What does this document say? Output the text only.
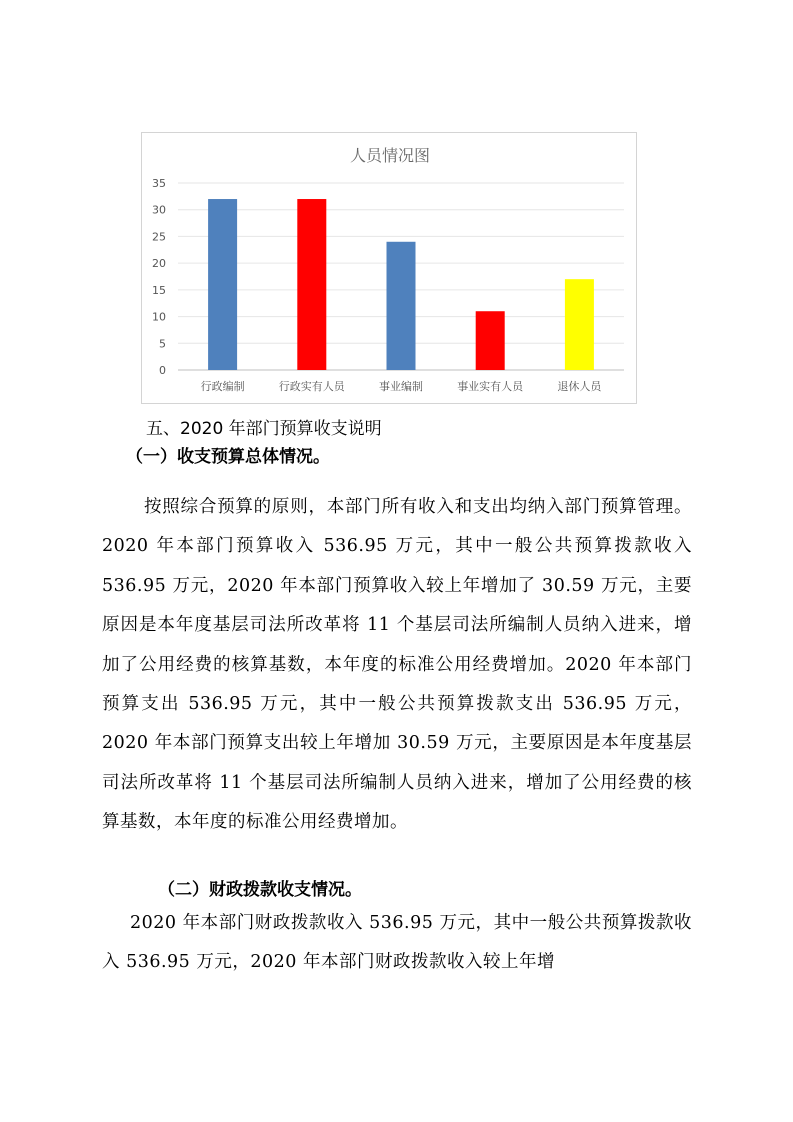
人员情况图
0
5
10
15
20
25
30
35
行政编制	行政实有人员	事业编制	事业实有人员	退休人员
五、2020 年部门预算收支说明
（一）收支预算总体情况。
按照综合预算的原则，本部门所有收入和支出均纳入部门预算管理。2020 年本部门预算收入 536.95 万元，其中一般公共预算拨款收入 536.95 万元，2020 年本部门预算收入较上年增加了 30.59 万元，主要原因是本年度基层司法所改革将 11 个基层司法所编制人员纳入进来，增加了公用经费的核算基数，本年度的标准公用经费增加。2020 年本部门预算支出 536.95 万元，其中一般公共预算拨款支出 536.95 万元，2020 年本部门预算支出较上年增加 30.59 万元，主要原因是本年度基层司法所改革将 11 个基层司法所编制人员纳入进来，增加了公用经费的核算基数，本年度的标准公用经费增加。
（二）财政拨款收支情况。
2020 年本部门财政拨款收入 536.95 万元，其中一般公共预算拨款收入 536.95 万元，2020 年本部门财政拨款收入较上年增
